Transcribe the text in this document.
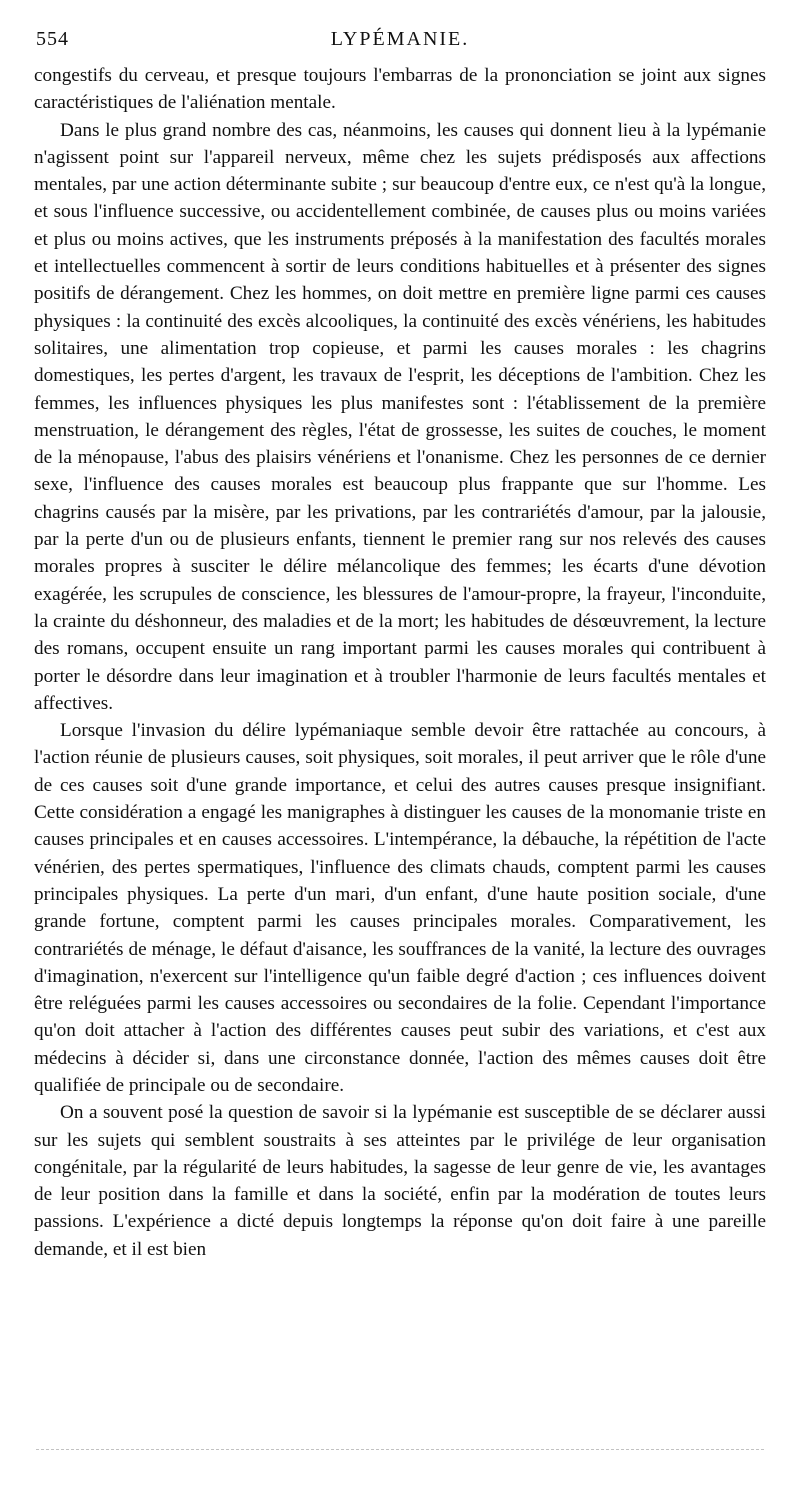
554	LYPÉMANIE.

congestifs du cerveau, et presque toujours l'embarras de la prononciation se joint aux signes caractéristiques de l'aliénation mentale.

Dans le plus grand nombre des cas, néanmoins, les causes qui donnent lieu à la lypémanie n'agissent point sur l'appareil nerveux, même chez les sujets prédisposés aux affections mentales, par une action déterminante subite ; sur beaucoup d'entre eux, ce n'est qu'à la longue, et sous l'influence successive, ou accidentellement combinée, de causes plus ou moins variées et plus ou moins actives, que les instruments préposés à la manifestation des facultés morales et intellectuelles commencent à sortir de leurs conditions habituelles et à présenter des signes positifs de dérangement. Chez les hommes, on doit mettre en première ligne parmi ces causes physiques : la continuité des excès alcooliques, la continuité des excès vénériens, les habitudes solitaires, une alimentation trop copieuse, et parmi les causes morales : les chagrins domestiques, les pertes d'argent, les travaux de l'esprit, les déceptions de l'ambition. Chez les femmes, les influences physiques les plus manifestes sont : l'établissement de la première menstruation, le dérangement des règles, l'état de grossesse, les suites de couches, le moment de la ménopause, l'abus des plaisirs vénériens et l'onanisme. Chez les personnes de ce dernier sexe, l'influence des causes morales est beaucoup plus frappante que sur l'homme. Les chagrins causés par la misère, par les privations, par les contrariétés d'amour, par la jalousie, par la perte d'un ou de plusieurs enfants, tiennent le premier rang sur nos relevés des causes morales propres à susciter le délire mélancolique des femmes; les écarts d'une dévotion exagérée, les scrupules de conscience, les blessures de l'amour-propre, la frayeur, l'inconduite, la crainte du déshonneur, des maladies et de la mort; les habitudes de désœuvrement, la lecture des romans, occupent ensuite un rang important parmi les causes morales qui contribuent à porter le désordre dans leur imagination et à troubler l'harmonie de leurs facultés mentales et affectives.

Lorsque l'invasion du délire lypémaniaque semble devoir être rattachée au concours, à l'action réunie de plusieurs causes, soit physiques, soit morales, il peut arriver que le rôle d'une de ces causes soit d'une grande importance, et celui des autres causes presque insignifiant. Cette considération a engagé les manigraphes à distinguer les causes de la monomanie triste en causes principales et en causes accessoires. L'intempérance, la débauche, la répétition de l'acte vénérien, des pertes spermatiques, l'influence des climats chauds, comptent parmi les causes principales physiques. La perte d'un mari, d'un enfant, d'une haute position sociale, d'une grande fortune, comptent parmi les causes principales morales. Comparativement, les contrariétés de ménage, le défaut d'aisance, les souffrances de la vanité, la lecture des ouvrages d'imagination, n'exercent sur l'intelligence qu'un faible degré d'action ; ces influences doivent être reléguées parmi les causes accessoires ou secondaires de la folie. Cependant l'importance qu'on doit attacher à l'action des différentes causes peut subir des variations, et c'est aux médecins à décider si, dans une circonstance donnée, l'action des mêmes causes doit être qualifiée de principale ou de secondaire.

On a souvent posé la question de savoir si la lypémanie est susceptible de se déclarer aussi sur les sujets qui semblent soustraits à ses atteintes par le privilége de leur organisation congénitale, par la régularité de leurs habitudes, la sagesse de leur genre de vie, les avantages de leur position dans la famille et dans la société, enfin par la modération de toutes leurs passions. L'expérience a dicté depuis longtemps la réponse qu'on doit faire à une pareille demande, et il est bien
